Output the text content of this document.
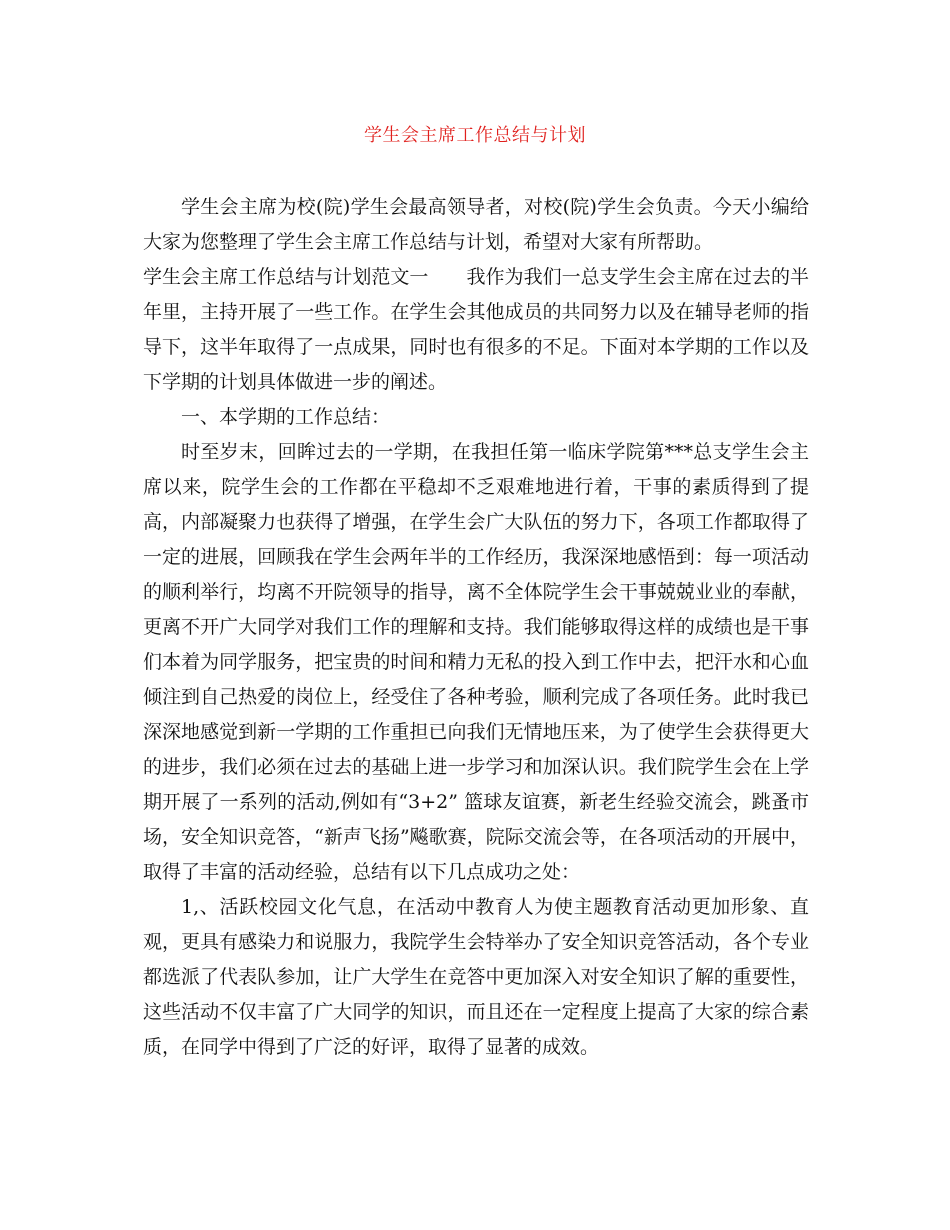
学生会主席工作总结与计划

学生会主席为校(院)学生会最高领导者，对校(院)学生会负责。今天小编给大家为您整理了学生会主席工作总结与计划，希望对大家有所帮助。

学生会主席工作总结与计划范文一　　我作为我们一总支学生会主席在过去的半年里，主持开展了一些工作。在学生会其他成员的共同努力以及在辅导老师的指导下，这半年取得了一点成果，同时也有很多的不足。下面对本学期的工作以及下学期的计划具体做进一步的阐述。

一、本学期的工作总结：

时至岁末，回眸过去的一学期，在我担任第一临床学院第***总支学生会主席以来，院学生会的工作都在平稳却不乏艰难地进行着，干事的素质得到了提高，内部凝聚力也获得了增强，在学生会广大队伍的努力下，各项工作都取得了一定的进展，回顾我在学生会两年半的工作经历，我深深地感悟到：每一项活动的顺利举行，均离不开院领导的指导，离不全体院学生会干事兢兢业业的奉献，更离不开广大同学对我们工作的理解和支持。我们能够取得这样的成绩也是干事们本着为同学服务，把宝贵的时间和精力无私的投入到工作中去，把汗水和心血倾注到自己热爱的岗位上，经受住了各种考验，顺利完成了各项任务。此时我已深深地感觉到新一学期的工作重担已向我们无情地压来，为了使学生会获得更大的进步，我们必须在过去的基础上进一步学习和加深认识。我们院学生会在上学期开展了一系列的活动,例如有“3+2” 篮球友谊赛，新老生经验交流会，跳蚤市场，安全知识竞答，“新声飞扬”飚歌赛，院际交流会等，在各项活动的开展中，取得了丰富的活动经验，总结有以下几点成功之处：

1,、活跃校园文化气息，在活动中教育人为使主题教育活动更加形象、直观，更具有感染力和说服力，我院学生会特举办了安全知识竞答活动，各个专业都选派了代表队参加，让广大学生在竞答中更加深入对安全知识了解的重要性，这些活动不仅丰富了广大同学的知识，而且还在一定程度上提高了大家的综合素质，在同学中得到了广泛的好评，取得了显著的成效。
